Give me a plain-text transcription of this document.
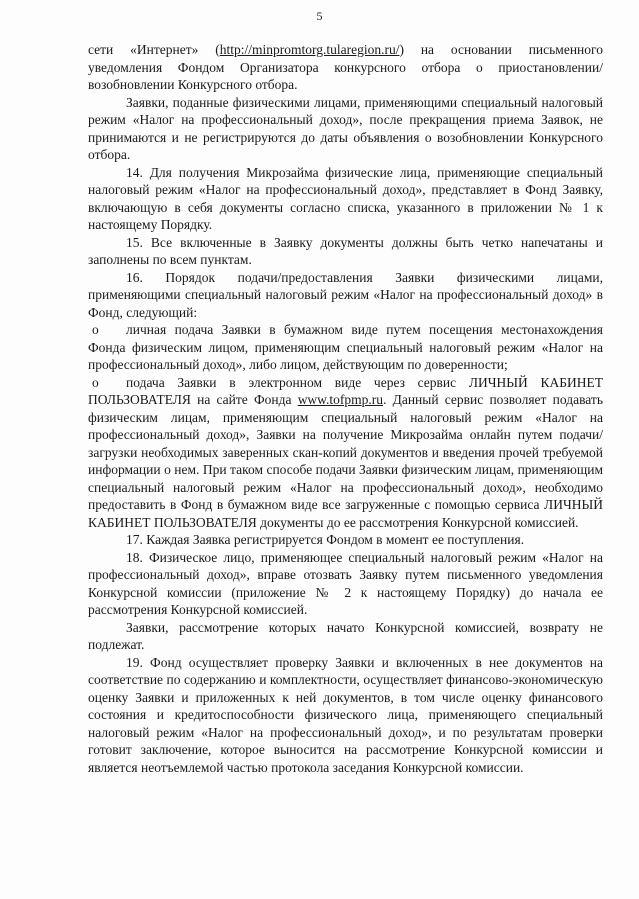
5

сети «Интернет» (http://minpromtorg.tularegion.ru/) на основании письменного уведомления Фондом Организатора конкурсного отбора о приостановлении/возобновлении Конкурсного отбора.

Заявки, поданные физическими лицами, применяющими специальный налоговый режим «Налог на профессиональный доход», после прекращения приема Заявок, не принимаются и не регистрируются до даты объявления о возобновлении Конкурсного отбора.

14. Для получения Микрозайма физические лица, применяющие специальный налоговый режим «Налог на профессиональный доход», представляет в Фонд Заявку, включающую в себя документы согласно списка, указанного в приложении № 1 к настоящему Порядку.

15. Все включенные в Заявку документы должны быть четко напечатаны и заполнены по всем пунктам.

16. Порядок подачи/предоставления Заявки физическими лицами, применяющими специальный налоговый режим «Налог на профессиональный доход» в Фонд, следующий:

o личная подача Заявки в бумажном виде путем посещения местонахождения Фонда физическим лицом, применяющим специальный налоговый режим «Налог на профессиональный доход», либо лицом, действующим по доверенности;

o подача Заявки в электронном виде через сервис ЛИЧНЫЙ КАБИНЕТ ПОЛЬЗОВАТЕЛЯ на сайте Фонда www.tofpmp.ru. Данный сервис позволяет подавать физическим лицам, применяющим специальный налоговый режим «Налог на профессиональный доход», Заявки на получение Микрозайма онлайн путем подачи/загрузки необходимых заверенных скан-копий документов и введения прочей требуемой информации о нем. При таком способе подачи Заявки физическим лицам, применяющим специальный налоговый режим «Налог на профессиональный доход», необходимо предоставить в Фонд в бумажном виде все загруженные с помощью сервиса ЛИЧНЫЙ КАБИНЕТ ПОЛЬЗОВАТЕЛЯ документы до ее рассмотрения Конкурсной комиссией.

17. Каждая Заявка регистрируется Фондом в момент ее поступления.

18. Физическое лицо, применяющее специальный налоговый режим «Налог на профессиональный доход», вправе отозвать Заявку путем письменного уведомления Конкурсной комиссии (приложение № 2 к настоящему Порядку) до начала ее рассмотрения Конкурсной комиссией.

Заявки, рассмотрение которых начато Конкурсной комиссией, возврату не подлежат.

19. Фонд осуществляет проверку Заявки и включенных в нее документов на соответствие по содержанию и комплектности, осуществляет финансово-экономическую оценку Заявки и приложенных к ней документов, в том числе оценку финансового состояния и кредитоспособности физического лица, применяющего специальный налоговый режим «Налог на профессиональный доход», и по результатам проверки готовит заключение, которое выносится на рассмотрение Конкурсной комиссии и является неотъемлемой частью протокола заседания Конкурсной комиссии.
